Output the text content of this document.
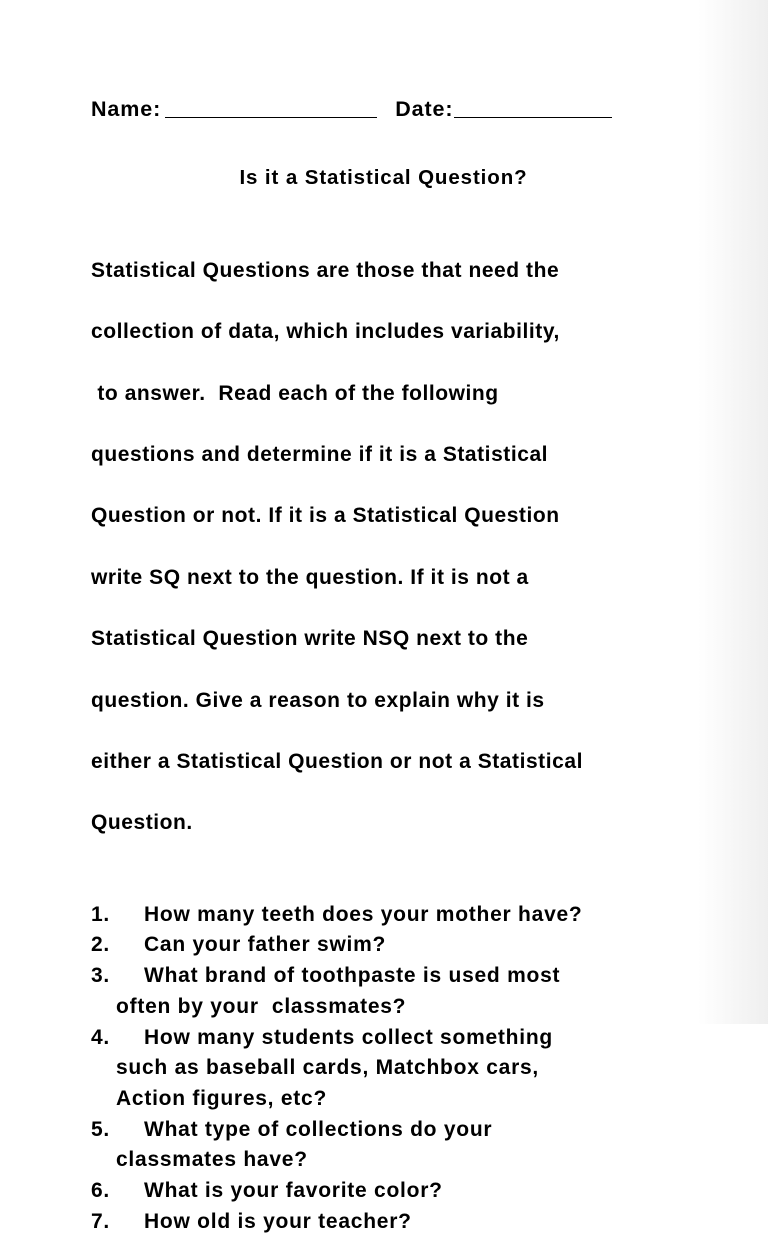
Name:	Date:
Is it a Statistical Question?

Statistical Questions are those that need the

collection of data, which includes variability,

to answer.  Read each of the following

questions and determine if it is a Statistical

Question or not. If it is a Statistical Question

write SQ next to the question. If it is not a

Statistical Question write NSQ next to the

question. Give a reason to explain why it is

either a Statistical Question or not a Statistical

Question.

1.	How many teeth does your mother have?
2.	Can your father swim?
3.	What brand of toothpaste is used most
often by your  classmates?
4.	How many students collect something
such as baseball cards, Matchbox cars,
Action figures, etc?
5.	What type of collections do your
classmates have?
6.	What is your favorite color?
7.	How old is your teacher?
